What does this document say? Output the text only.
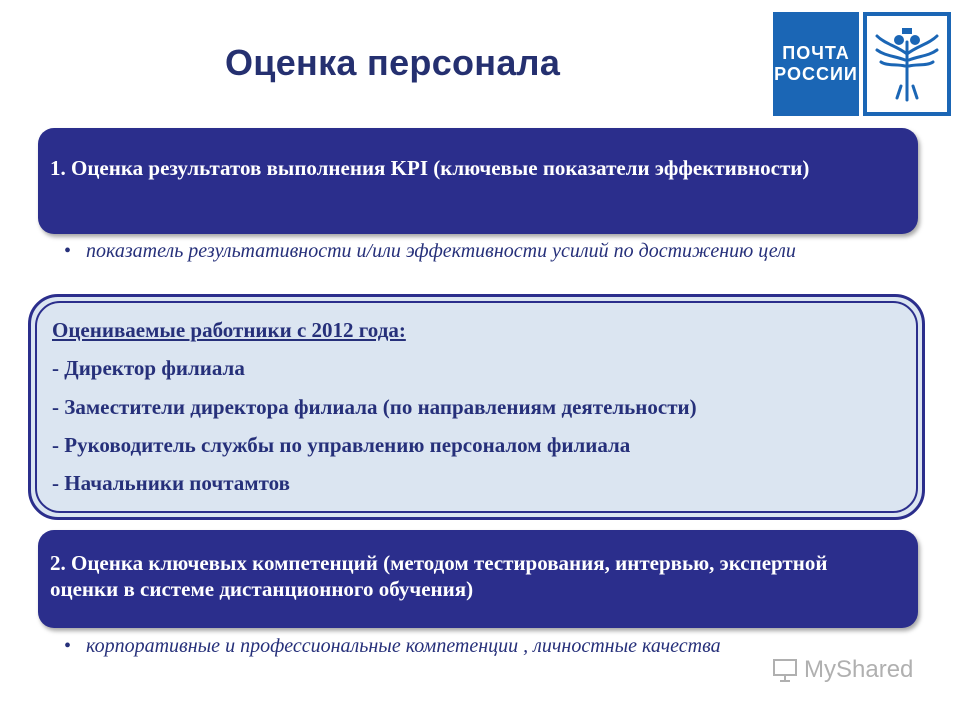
Оценка персонала	ПОЧТА
РОССИИ
1. Оценка результатов выполнения KPI (ключевые показатели эффективности)
• показатель результативности и/или эффективности усилий по достижению цели
Оцениваемые работники с 2012 года:
- Директор филиала
- Заместители директора филиала (по направлениям деятельности)
- Руководитель службы по управлению персоналом филиала
- Начальники почтамтов
2. Оценка ключевых компетенций (методом тестирования, интервью, экспертной оценки в системе дистанционного обучения)
• корпоративные и профессиональные компетенции , личностные качества
MyShared
